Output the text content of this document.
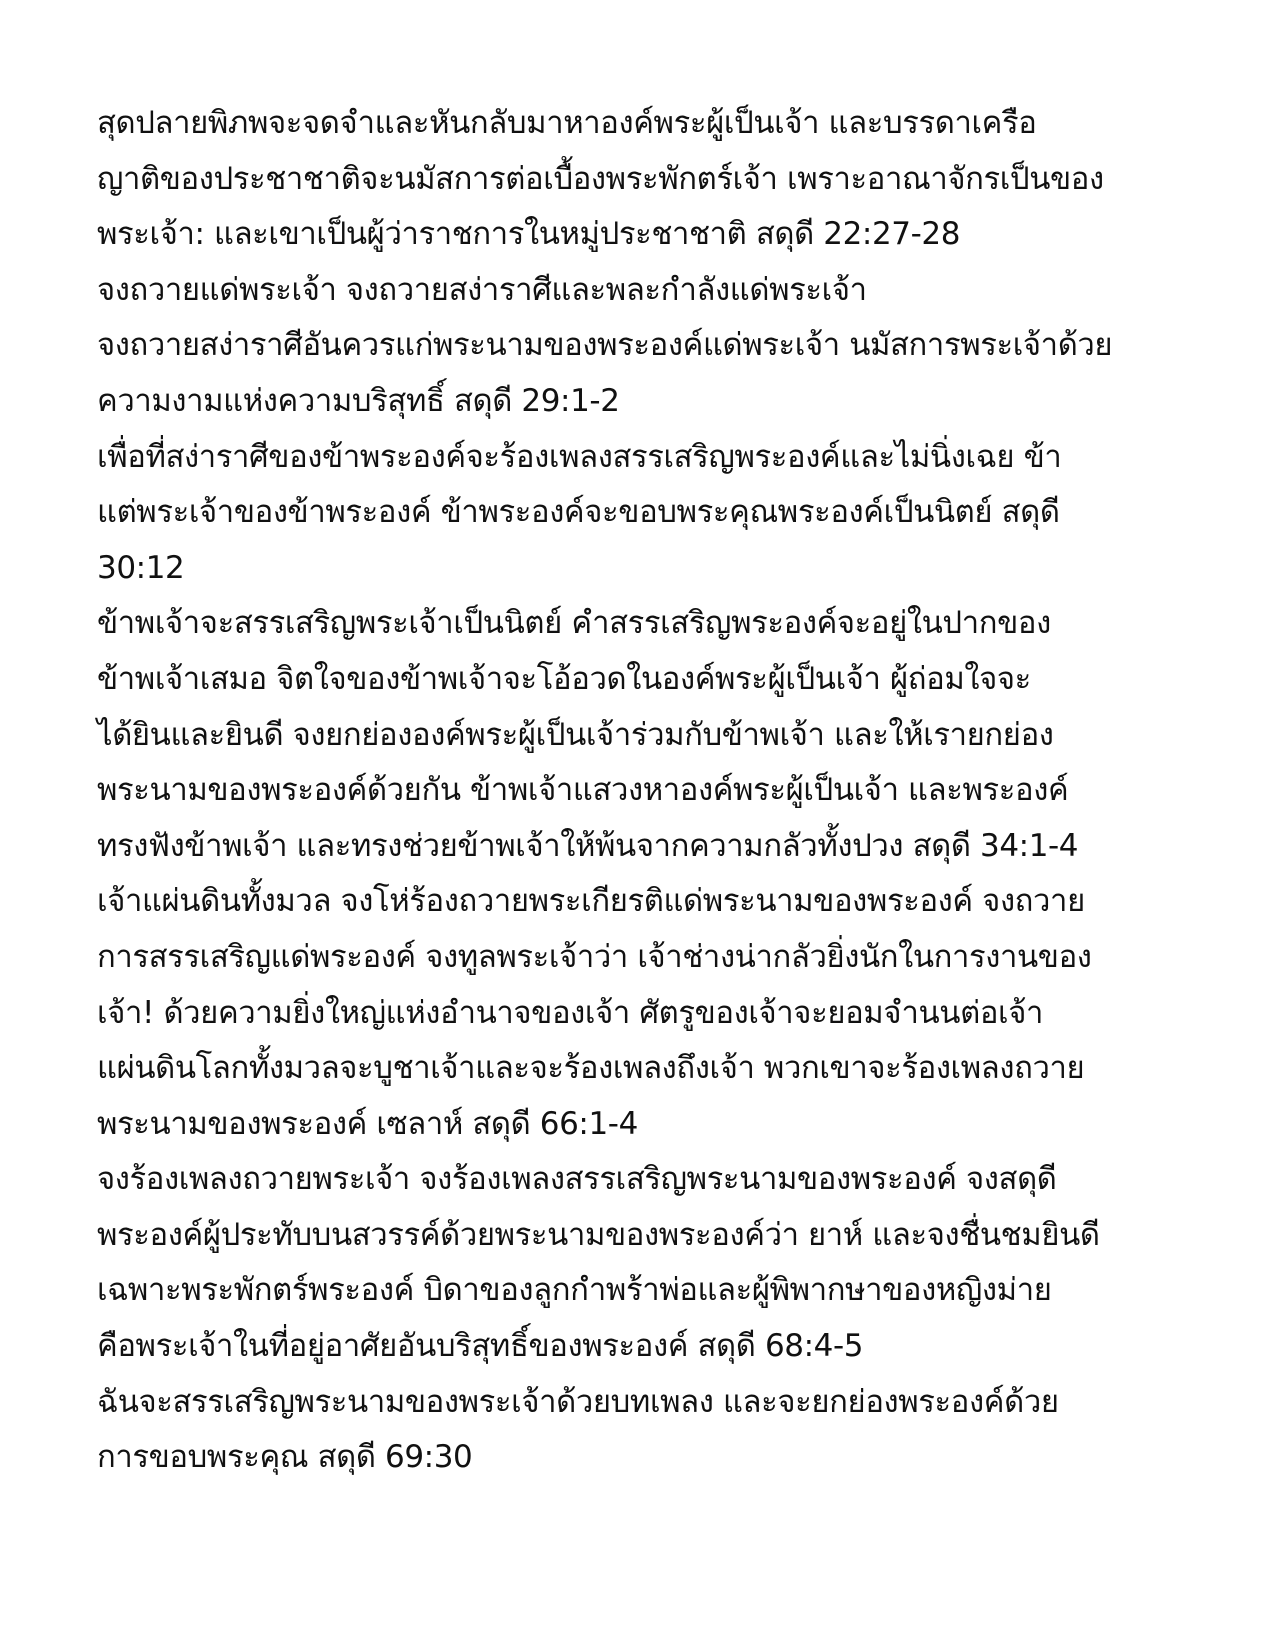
สุดปลายพิภพจะจดจำและหันกลับมาหาองค์พระผู้เป็นเจ้า และบรรดาเครือ
ญาติของประชาชาติจะนมัสการต่อเบื้องพระพักตร์เจ้า เพราะอาณาจักรเป็นของ
พระเจ้า: และเขาเป็นผู้ว่าราชการในหมู่ประชาชาติ สดุดี 22:27-28
จงถวายแด่พระเจ้า จงถวายสง่าราศีและพละกำลังแด่พระเจ้า
จงถวายสง่าราศีอันควรแก่พระนามของพระองค์แด่พระเจ้า นมัสการพระเจ้าด้วย
ความงามแห่งความบริสุทธิ์ สดุดี 29:1-2
เพื่อที่สง่าราศีของข้าพระองค์จะร้องเพลงสรรเสริญพระองค์และไม่นิ่งเฉย ข้า
แต่พระเจ้าของข้าพระองค์ ข้าพระองค์จะขอบพระคุณพระองค์เป็นนิตย์ สดุดี
30:12
ข้าพเจ้าจะสรรเสริญพระเจ้าเป็นนิตย์ คำสรรเสริญพระองค์จะอยู่ในปากของ
ข้าพเจ้าเสมอ จิตใจของข้าพเจ้าจะโอ้อวดในองค์พระผู้เป็นเจ้า ผู้ถ่อมใจจะ
ได้ยินและยินดี จงยกย่ององค์พระผู้เป็นเจ้าร่วมกับข้าพเจ้า และให้เรายกย่อง
พระนามของพระองค์ด้วยกัน ข้าพเจ้าแสวงหาองค์พระผู้เป็นเจ้า และพระองค์
ทรงฟังข้าพเจ้า และทรงช่วยข้าพเจ้าให้พ้นจากความกลัวทั้งปวง สดุดี 34:1-4
เจ้าแผ่นดินทั้งมวล จงโห่ร้องถวายพระเกียรติแด่พระนามของพระองค์ จงถวาย
การสรรเสริญแด่พระองค์ จงทูลพระเจ้าว่า เจ้าช่างน่ากลัวยิ่งนักในการงานของ
เจ้า! ด้วยความยิ่งใหญ่แห่งอำนาจของเจ้า ศัตรูของเจ้าจะยอมจำนนต่อเจ้า
แผ่นดินโลกทั้งมวลจะบูชาเจ้าและจะร้องเพลงถึงเจ้า พวกเขาจะร้องเพลงถวาย
พระนามของพระองค์ เซลาห์ สดุดี 66:1-4
จงร้องเพลงถวายพระเจ้า จงร้องเพลงสรรเสริญพระนามของพระองค์ จงสดุดี
พระองค์ผู้ประทับบนสวรรค์ด้วยพระนามของพระองค์ว่า ยาห์ และจงชื่นชมยินดี
เฉพาะพระพักตร์พระองค์ บิดาของลูกกำพร้าพ่อและผู้พิพากษาของหญิงม่าย
คือพระเจ้าในที่อยู่อาศัยอันบริสุทธิ์ของพระองค์ สดุดี 68:4-5
ฉันจะสรรเสริญพระนามของพระเจ้าด้วยบทเพลง และจะยกย่องพระองค์ด้วย
การขอบพระคุณ สดุดี 69:30
